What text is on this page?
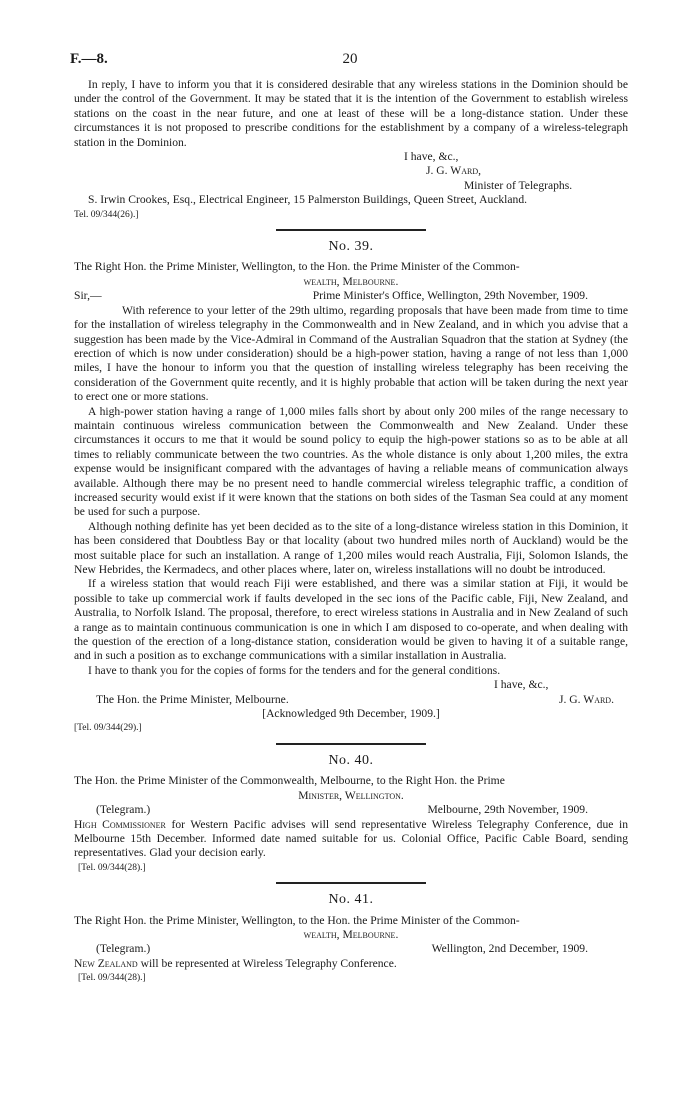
F.—8.	20

In reply, I have to inform you that it is considered desirable that any wireless stations in the Dominion should be under the control of the Government. It may be stated that it is the intention of the Government to establish wireless stations on the coast in the near future, and one at least of these will be a long-distance station. Under these circumstances it is not proposed to prescribe conditions for the establishment by a company of a wireless-telegraph station in the Dominion.

I have, &c.,

J. G. Ward,

Minister of Telegraphs.

S. Irwin Crookes, Esq., Electrical Engineer, 15 Palmerston Buildings, Queen Street, Auckland.

Tel. 09/344(26).]

No. 39.

The Right Hon. the Prime Minister, Wellington, to the Hon. the Prime Minister of the Common-

wealth, Melbourne.

Sir,—	Prime Minister's Office, Wellington, 29th November, 1909.

With reference to your letter of the 29th ultimo, regarding proposals that have been made from time to time for the installation of wireless telegraphy in the Commonwealth and in New Zealand, and in which you advise that a suggestion has been made by the Vice-Admiral in Command of the Australian Squadron that the station at Sydney (the erection of which is now under consideration) should be a high-power station, having a range of not less than 1,000 miles, I have the honour to inform you that the question of installing wireless telegraphy has been receiving the consideration of the Government quite recently, and it is highly probable that action will be taken during the next year to erect one or more stations.

A high-power station having a range of 1,000 miles falls short by about only 200 miles of the range necessary to maintain continuous wireless communication between the Commonwealth and New Zealand. Under these circumstances it occurs to me that it would be sound policy to equip the high-power stations so as to be able at all times to reliably communicate between the two countries. As the whole distance is only about 1,200 miles, the extra expense would be insignificant compared with the advantages of having a reliable means of communication always available. Although there may be no present need to handle commercial wireless telegraphic traffic, a condition of increased security would exist if it were known that the stations on both sides of the Tasman Sea could at any moment be used for such a purpose.

Although nothing definite has yet been decided as to the site of a long-distance wireless station in this Dominion, it has been considered that Doubtless Bay or that locality (about two hundred miles north of Auckland) would be the most suitable place for such an installation. A range of 1,200 miles would reach Australia, Fiji, Solomon Islands, the New Hebrides, the Kermadecs, and other places where, later on, wireless installations will no doubt be introduced.

If a wireless station that would reach Fiji were established, and there was a similar station at Fiji, it would be possible to take up commercial work if faults developed in the sec ions of the Pacific cable, Fiji, New Zealand, and Australia, to Norfolk Island. The proposal, therefore, to erect wireless stations in Australia and in New Zealand of such a range as to maintain continuous communication is one in which I am disposed to co-operate, and when dealing with the question of the erection of a long-distance station, consideration would be given to having it of a suitable range, and in such a position as to exchange communications with a similar installation in Australia.

I have to thank you for the copies of forms for the tenders and for the general conditions.

I have, &c.,

The Hon. the Prime Minister, Melbourne.	J. G. Ward.

[Acknowledged 9th December, 1909.]

[Tel. 09/344(29).]

No. 40.

The Hon. the Prime Minister of the Commonwealth, Melbourne, to the Right Hon. the Prime

Minister, Wellington.

(Telegram.)	Melbourne, 29th November, 1909.

High Commissioner for Western Pacific advises will send representative Wireless Telegraphy Conference, due in Melbourne 15th December. Informed date named suitable for us. Colonial Office, Pacific Cable Board, sending representatives. Glad your decision early.

[Tel. 09/344(28).]

No. 41.

The Right Hon. the Prime Minister, Wellington, to the Hon. the Prime Minister of the Common-

wealth, Melbourne.

(Telegram.)	Wellington, 2nd December, 1909.

New Zealand will be represented at Wireless Telegraphy Conference.

[Tel. 09/344(28).]
